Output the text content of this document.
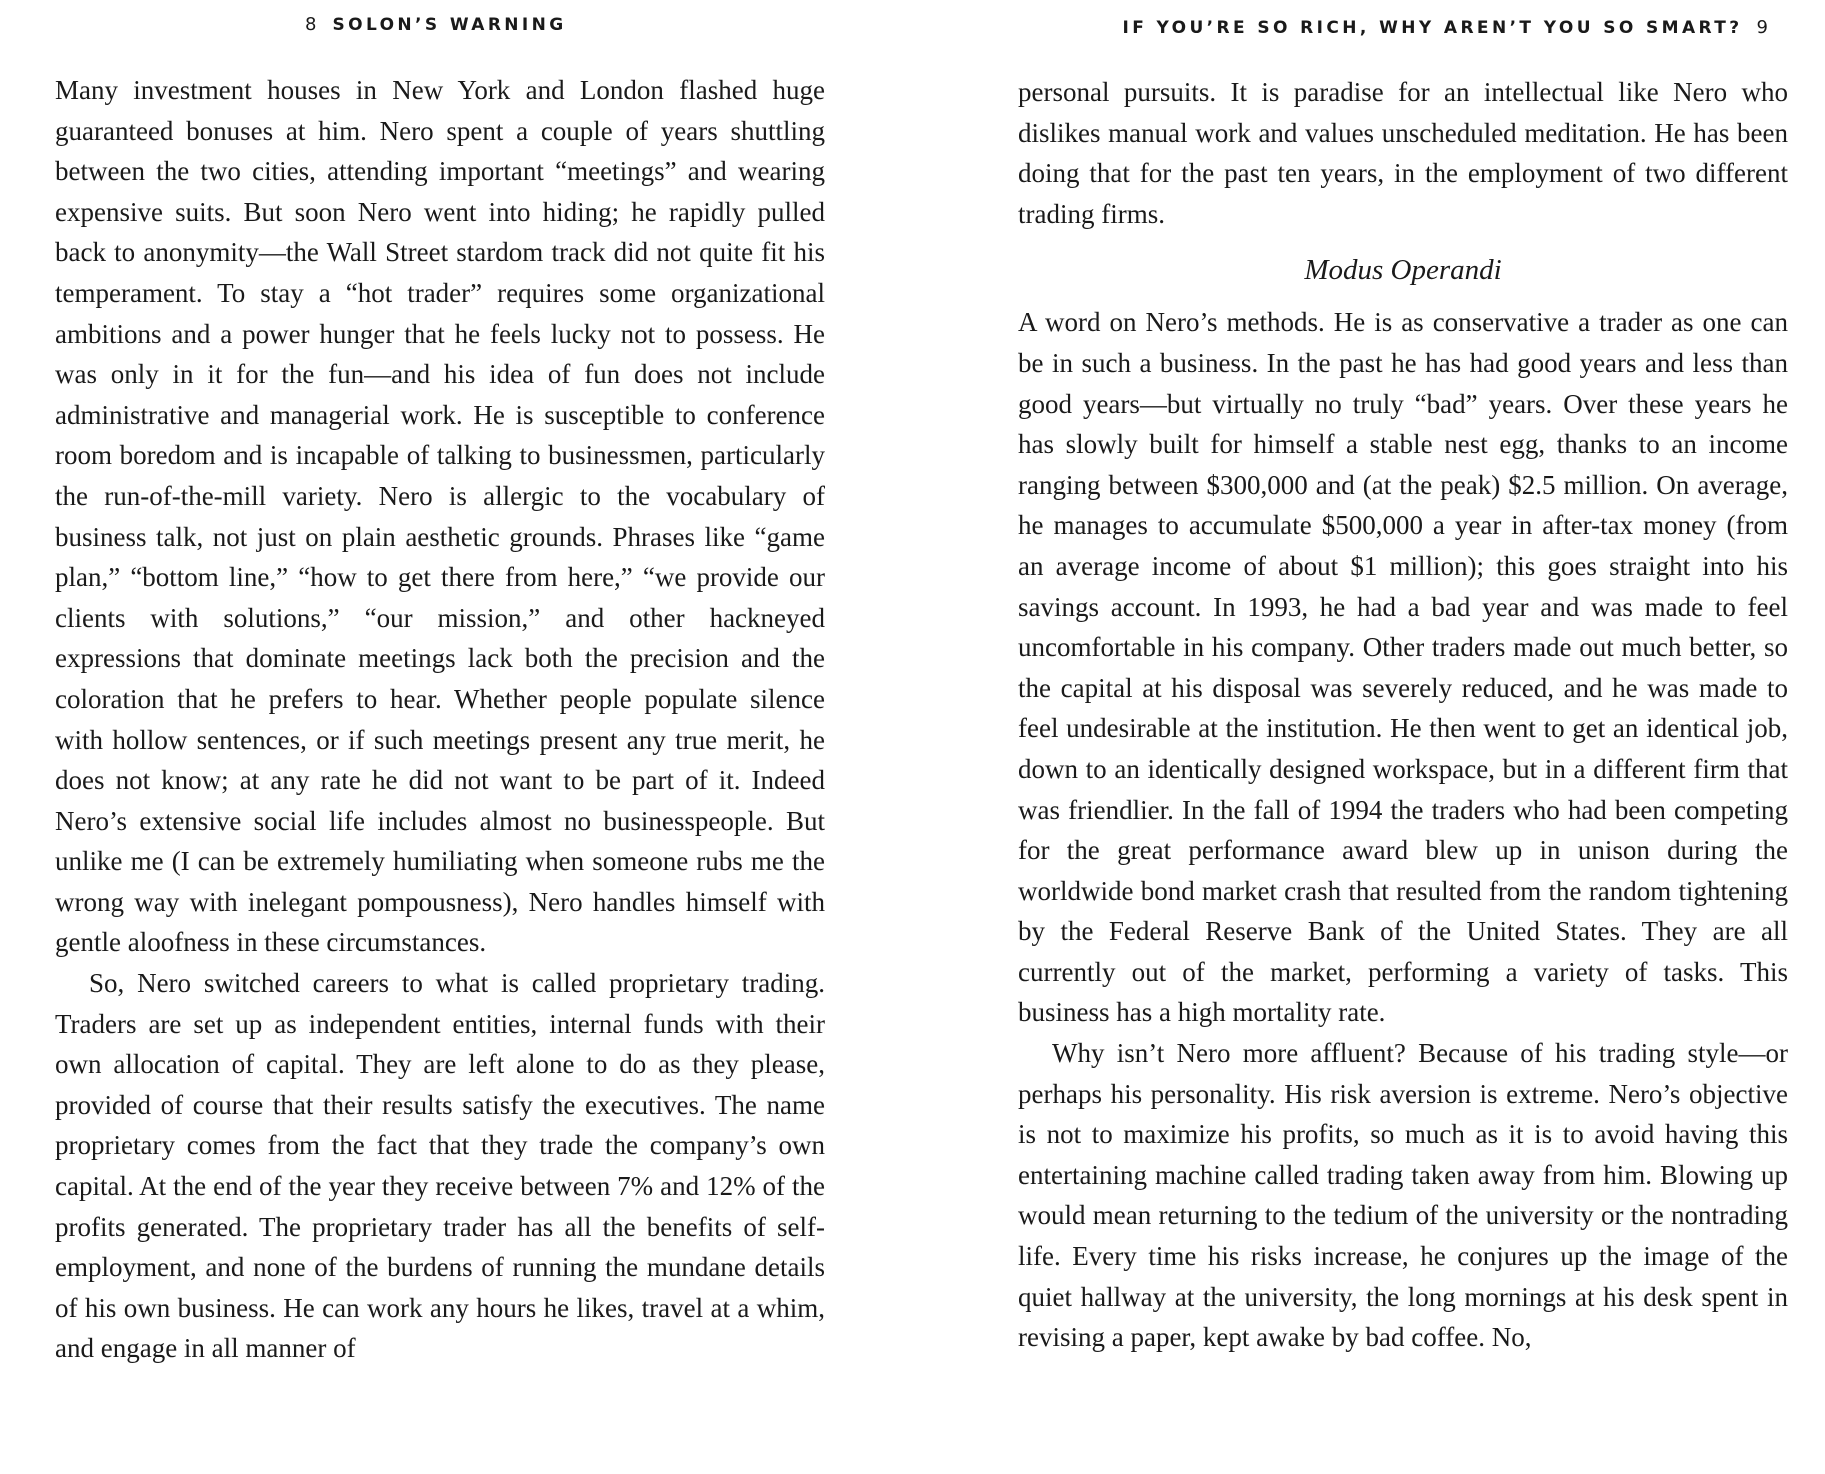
8 SOLON’S WARNING

Many investment houses in New York and London flashed huge guaranteed bonuses at him. Nero spent a couple of years shuttling between the two cities, attending important “meetings” and wearing expensive suits. But soon Nero went into hiding; he rapidly pulled back to anonymity—the Wall Street stardom track did not quite fit his temperament. To stay a “hot trader” requires some organizational ambitions and a power hunger that he feels lucky not to possess. He was only in it for the fun—and his idea of fun does not include administrative and managerial work. He is susceptible to conference room boredom and is incapable of talking to businessmen, particularly the run-of-the-mill variety. Nero is allergic to the vocabulary of business talk, not just on plain aesthetic grounds. Phrases like “game plan,” “bottom line,” “how to get there from here,” “we provide our clients with solutions,” “our mission,” and other hackneyed expressions that dominate meetings lack both the precision and the coloration that he prefers to hear. Whether people populate silence with hollow sentences, or if such meetings present any true merit, he does not know; at any rate he did not want to be part of it. Indeed Nero’s extensive social life includes almost no businesspeople. But unlike me (I can be extremely humiliating when someone rubs me the wrong way with inelegant pompousness), Nero handles himself with gentle aloofness in these circumstances.

So, Nero switched careers to what is called proprietary trading. Traders are set up as independent entities, internal funds with their own allocation of capital. They are left alone to do as they please, provided of course that their results satisfy the executives. The name proprietary comes from the fact that they trade the company’s own capital. At the end of the year they receive between 7% and 12% of the profits generated. The proprietary trader has all the benefits of self-employment, and none of the burdens of running the mundane details of his own business. He can work any hours he likes, travel at a whim, and engage in all manner of

IF YOU’RE SO RICH, WHY AREN’T YOU SO SMART? 9

personal pursuits. It is paradise for an intellectual like Nero who dislikes manual work and values unscheduled meditation. He has been doing that for the past ten years, in the employment of two different trading firms.

Modus Operandi

A word on Nero’s methods. He is as conservative a trader as one can be in such a business. In the past he has had good years and less than good years—but virtually no truly “bad” years. Over these years he has slowly built for himself a stable nest egg, thanks to an income ranging between $300,000 and (at the peak) $2.5 million. On average, he manages to accumulate $500,000 a year in after-tax money (from an average income of about $1 million); this goes straight into his savings account. In 1993, he had a bad year and was made to feel uncomfortable in his company. Other traders made out much better, so the capital at his disposal was severely reduced, and he was made to feel undesirable at the institution. He then went to get an identical job, down to an identically designed workspace, but in a different firm that was friendlier. In the fall of 1994 the traders who had been competing for the great performance award blew up in unison during the worldwide bond market crash that resulted from the random tightening by the Federal Reserve Bank of the United States. They are all currently out of the market, performing a variety of tasks. This business has a high mortality rate.

Why isn’t Nero more affluent? Because of his trading style—or perhaps his personality. His risk aversion is extreme. Nero’s objective is not to maximize his profits, so much as it is to avoid having this entertaining machine called trading taken away from him. Blowing up would mean returning to the tedium of the university or the nontrading life. Every time his risks increase, he conjures up the image of the quiet hallway at the university, the long mornings at his desk spent in revising a paper, kept awake by bad coffee. No,
